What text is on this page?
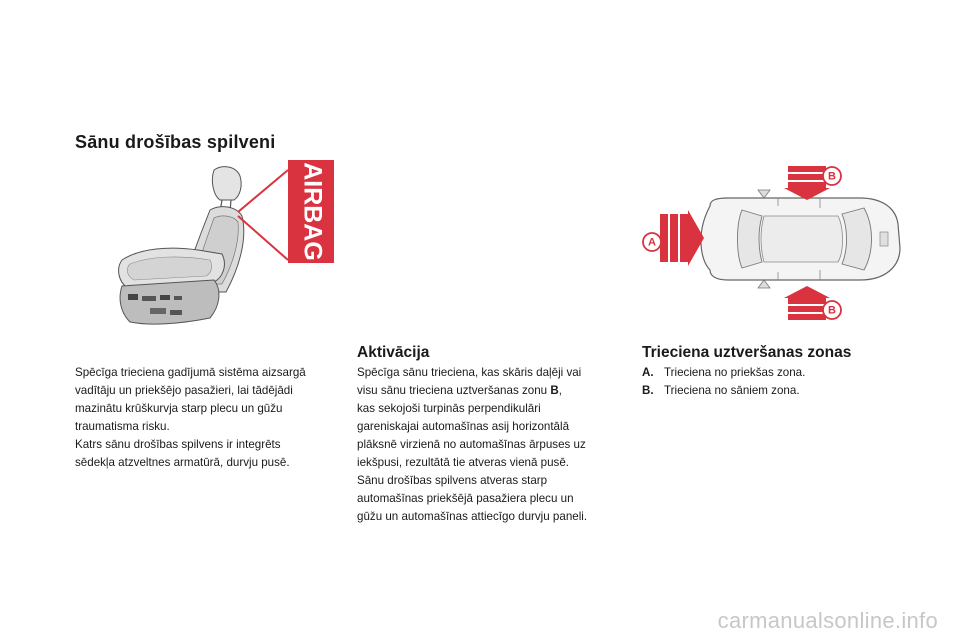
Sānu drošības spilveni
AIRBAG	A
B
B
Spēcīga trieciena gadījumā sistēma aizsargā
vadītāju un priekšējo pasažieri, lai tādējādi
mazinātu krūškurvja starp plecu un gūžu
traumatisma risku.
Katrs sānu drošības spilvens ir integrēts
sēdekļa atzveltnes armatūrā, durvju pusē.
Aktivācija
Spēcīga sānu trieciena, kas skāris daļēji vai
visu sānu trieciena uztveršanas zonu B,
kas sekojoši turpinās perpendikulāri
gareniskajai automašīnas asij horizontālā
plāksnē virzienā no automašīnas ārpuses uz
iekšpusi, rezultātā tie atveras vienā pusē.
Sānu drošības spilvens atveras starp
automašīnas priekšējā pasažiera plecu un
gūžu un automašīnas attiecīgo durvju paneli.
Trieciena uztveršanas zonas
A. Trieciena no priekšas zona.
B. Trieciena no sāniem zona.
carmanualsonline.info
